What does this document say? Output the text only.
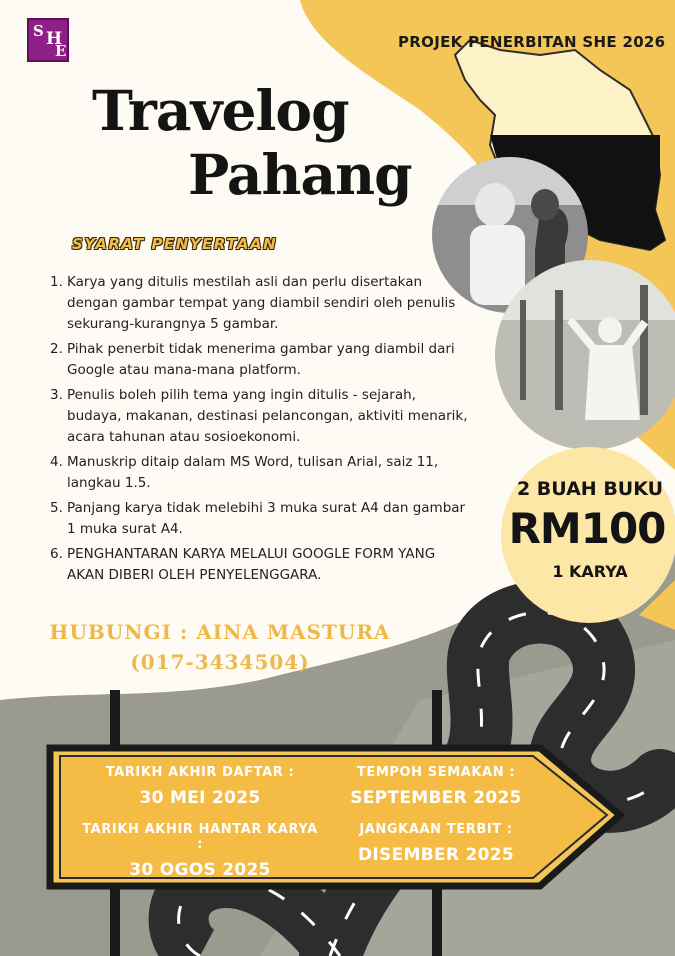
S H
E	PROJEK PENERBITAN SHE 2026
Travelog
Pahang
SYARAT PENYERTAAN
1. Karya yang ditulis mestilah asli dan perlu disertakan dengan gambar tempat yang diambil sendiri oleh penulis sekurang-kurangnya 5 gambar.
2. Pihak penerbit tidak menerima gambar yang diambil dari Google atau mana-mana platform.
3. Penulis boleh pilih tema yang ingin ditulis - sejarah, budaya, makanan, destinasi pelancongan, aktiviti menarik, acara tahunan atau sosioekonomi.
4. Manuskrip ditaip dalam MS Word, tulisan Arial, saiz 11, langkau 1.5.
5. Panjang karya tidak melebihi 3 muka surat A4 dan gambar 1 muka surat A4.
6. PENGHANTARAN KARYA MELALUI GOOGLE FORM YANG AKAN DIBERI OLEH PENYELENGGARA.
2 BUAH BUKU
RM100
1 KARYA
HUBUNGI : AINA MASTURA
(017-3434504)
TARIKH AKHIR DAFTAR :
30 MEI 2025
TEMPOH SEMAKAN :
SEPTEMBER 2025
TARIKH AKHIR HANTAR KARYA :
30 OGOS 2025
JANGKAAN TERBIT :
DISEMBER 2025
